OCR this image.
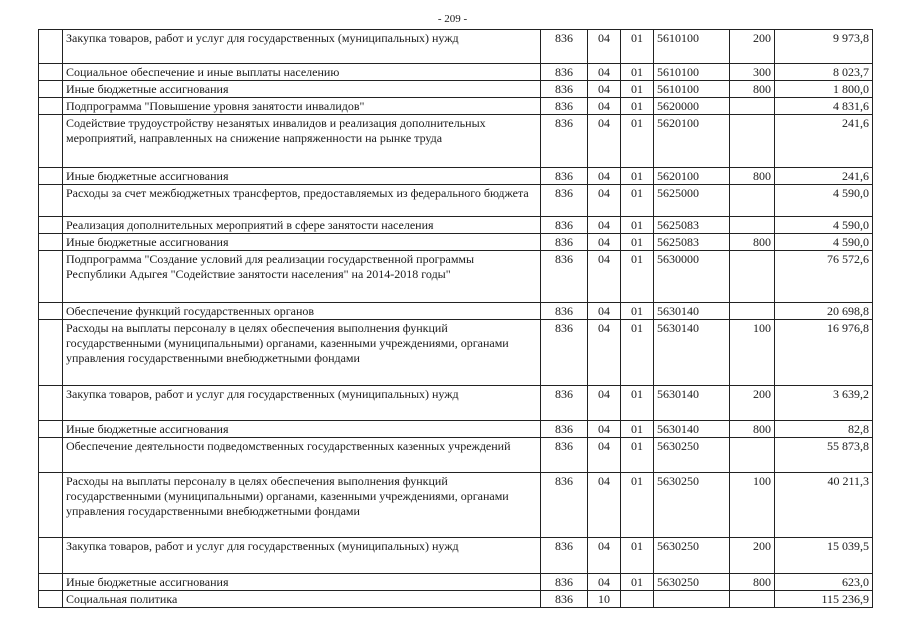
- 209 -
	Закупка товаров, работ и услуг для государственных (муниципальных) нужд	836	04	01	5610100	200	9 973,8
	Социальное обеспечение и иные выплаты населению	836	04	01	5610100	300	8 023,7
	Иные бюджетные ассигнования	836	04	01	5610100	800	1 800,0
	Подпрограмма "Повышение уровня занятости инвалидов"	836	04	01	5620000		4 831,6
	Содействие трудоустройству незанятых инвалидов и реализация дополнительных мероприятий, направленных на снижение напряженности на рынке труда	836	04	01	5620100		241,6
	Иные бюджетные ассигнования	836	04	01	5620100	800	241,6
	Расходы за счет межбюджетных трансфертов, предоставляемых из федерального бюджета	836	04	01	5625000		4 590,0
	Реализация дополнительных мероприятий в сфере занятости населения	836	04	01	5625083		4 590,0
	Иные бюджетные ассигнования	836	04	01	5625083	800	4 590,0
	Подпрограмма "Создание условий для реализации государственной программы Республики Адыгея "Содействие занятости населения" на 2014-2018 годы"	836	04	01	5630000		76 572,6
	Обеспечение функций государственных органов	836	04	01	5630140		20 698,8
	Расходы на выплаты персоналу в целях обеспечения выполнения функций государственными (муниципальными) органами, казенными учреждениями, органами управления государственными внебюджетными фондами	836	04	01	5630140	100	16 976,8
	Закупка товаров, работ и услуг для государственных (муниципальных) нужд	836	04	01	5630140	200	3 639,2
	Иные бюджетные ассигнования	836	04	01	5630140	800	82,8
	Обеспечение деятельности подведомственных государственных казенных учреждений	836	04	01	5630250		55 873,8
	Расходы на выплаты персоналу в целях обеспечения выполнения функций государственными (муниципальными) органами, казенными учреждениями, органами управления государственными внебюджетными фондами	836	04	01	5630250	100	40 211,3
	Закупка товаров, работ и услуг для государственных (муниципальных) нужд	836	04	01	5630250	200	15 039,5
	Иные бюджетные ассигнования	836	04	01	5630250	800	623,0
	Социальная политика	836	10				115 236,9
